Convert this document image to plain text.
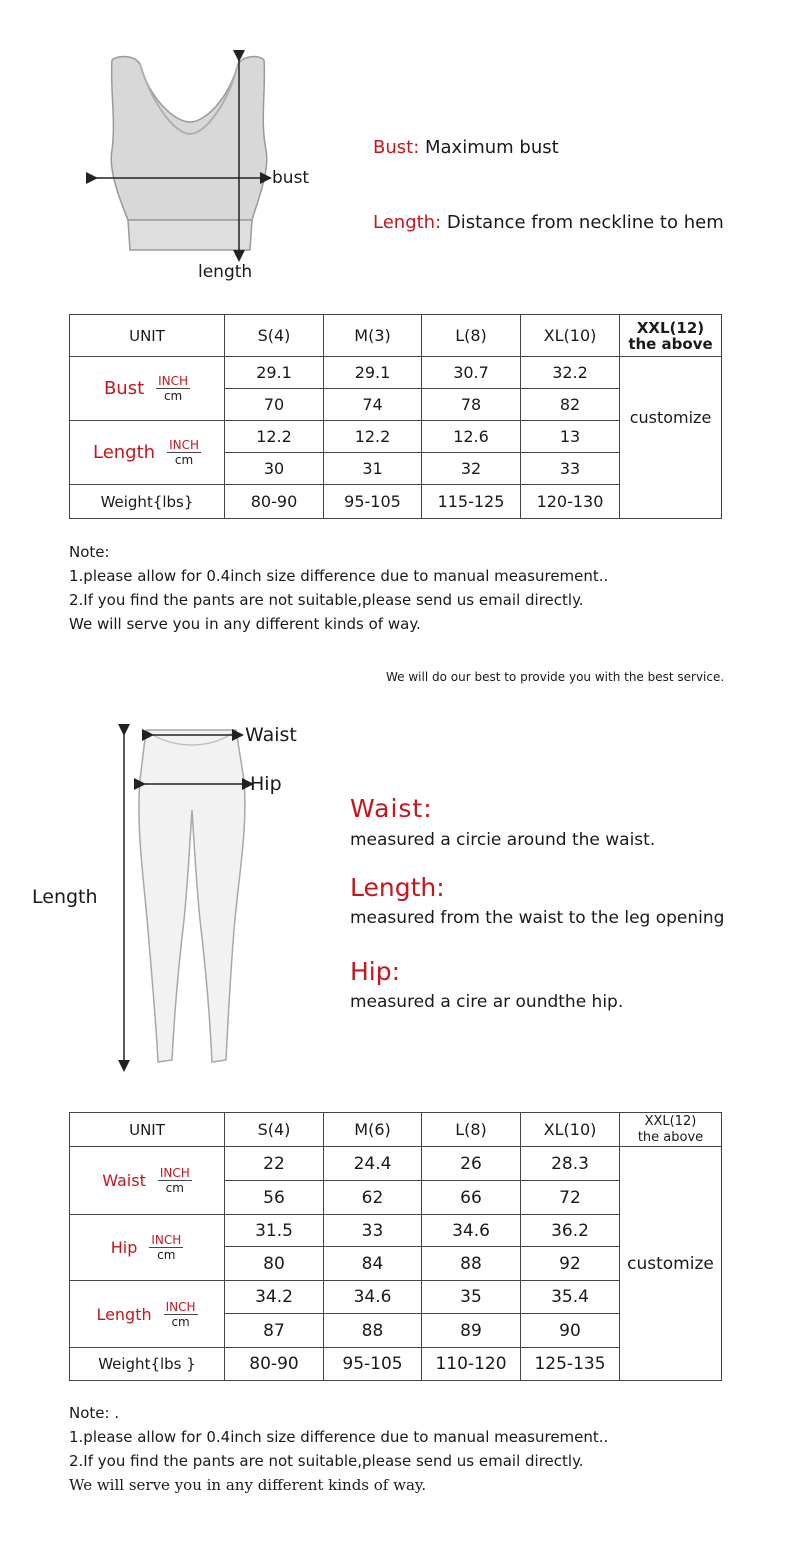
bust
length
Bust: Maximum bust
Length: Distance from neckline to hem
UNIT	S(4)	M(3)	L(8)	XL(10)	XXL(12)
the above

Bust $\frac{\text{INCH}}{cm}$	29.1	29.1	30.7	32.2	customize
	70	74	78	82	

Length $\frac{\text{INCH}}{cm}$	12.2	12.2	12.6	13	
	30	31	32	33	
Weight{lbs}	80-90	95-105	115-125	120-130	
Note:
1.please allow for 0.4inch size difference due to manual measurement..
2.If you find the pants are not suitable,please send us email directly.
We will serve you in any different kinds of way.
We will do our best to provide you with the best service.
Waist
Hip
Length
Waist:
measured a circie around the waist.
Length:
measured from the waist to the leg opening
Hip:
measured a cire ar oundthe hip.
UNIT	S(4)	M(6)	L(8)	XL(10)	XXL(12)
the above

Waist $\frac{\text{INCH}}{cm}$	22	24.4	26	28.3	customize
	56	62	66	72	

Hip $\frac{\text{INCH}}{cm}$	31.5	33	34.6	36.2	
	80	84	88	92	

Length $\frac{\text{INCH}}{cm}$	34.2	34.6	35	35.4	
	87	88	89	90	
Weight{lbs }	80-90	95-105	110-120	125-135	
Note: .
1.please allow for 0.4inch size difference due to manual measurement..
2.If you find the pants are not suitable,please send us email directly.
We will serve you in any different kinds of way.
